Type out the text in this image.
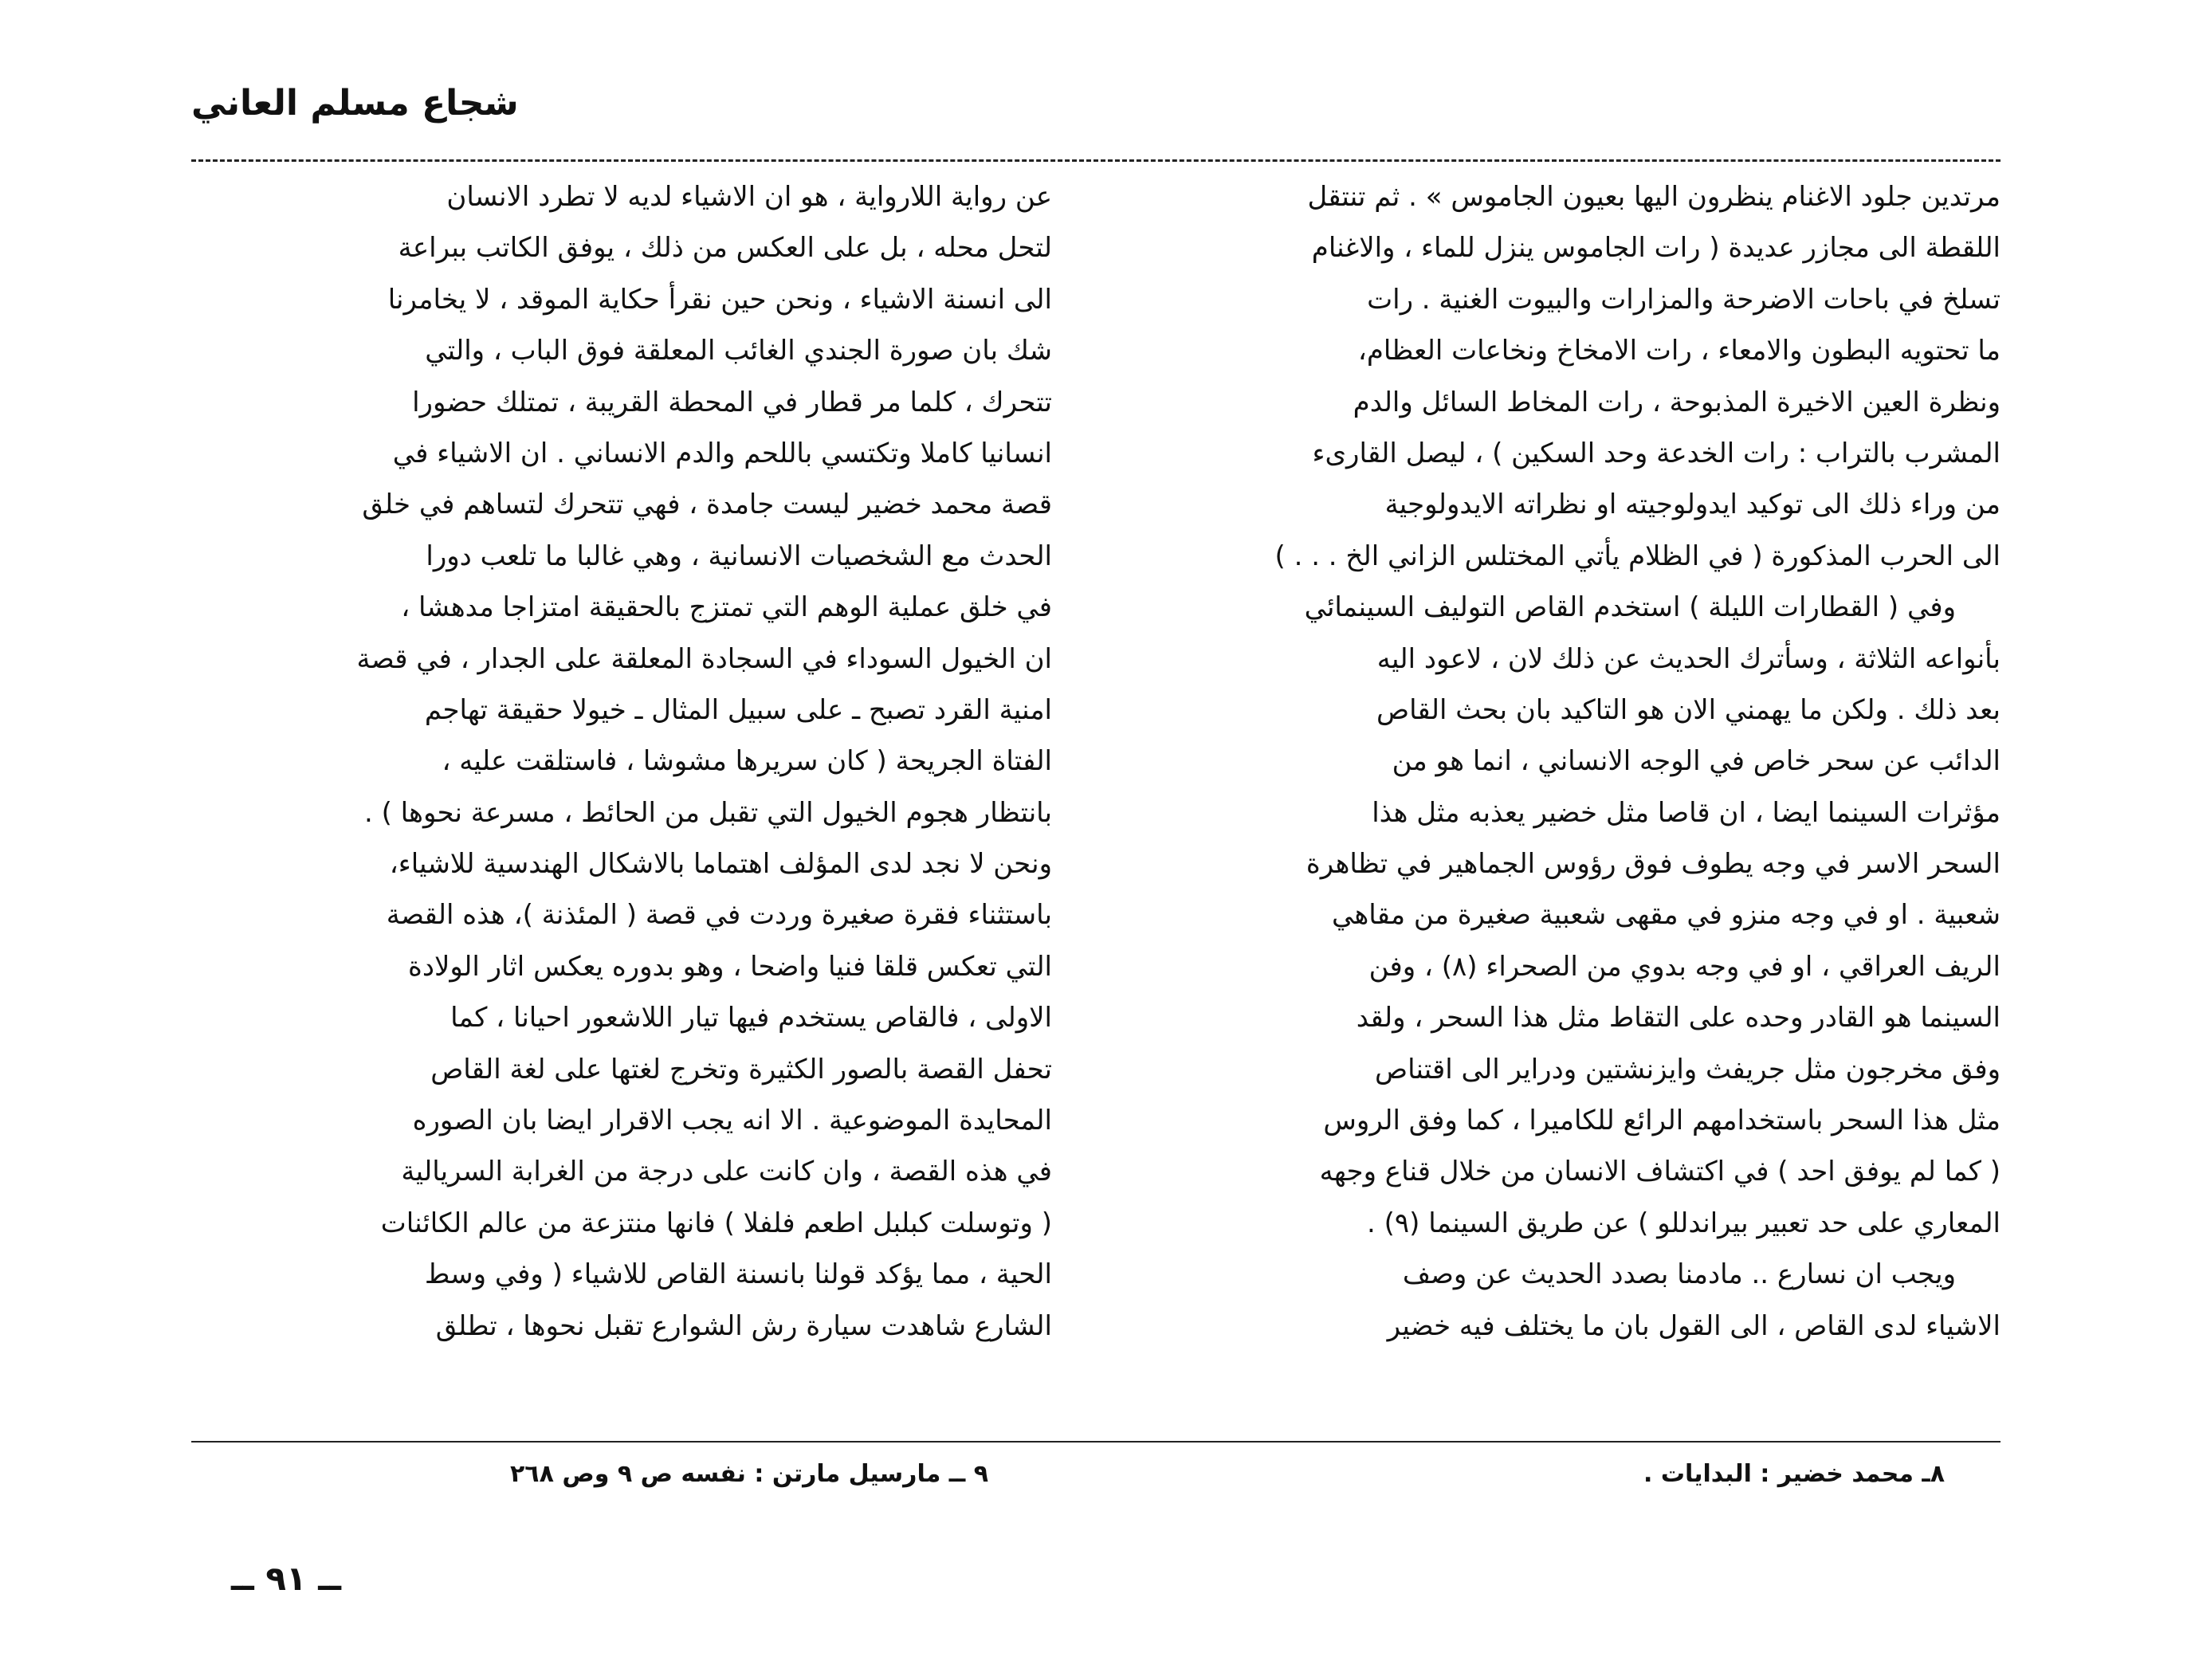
شجاع مسلم العاني
مرتدين جلود الاغنام ينظرون اليها بعيون الجاموس » . ثم تنتقل
اللقطة الى مجازر عديدة ( رات الجاموس ينزل للماء ، والاغنام
تسلخ في باحات الاضرحة والمزارات والبيوت الغنية . رات
ما تحتويه البطون والامعاء ، رات الامخاخ ونخاعات العظام،
ونظرة العين الاخيرة المذبوحة ، رات المخاط السائل والدم
المشرب بالتراب : رات الخدعة وحد السكين ) ، ليصل القارىء
من وراء ذلك الى توكيد ايدولوجيته او نظراته الايدولوجية
الى الحرب المذكورة ( في الظلام يأتي المختلس الزاني الخ . . . )
وفي ( القطارات الليلة ) استخدم القاص التوليف السينمائي
بأنواعه الثلاثة ، وسأترك الحديث عن ذلك لان ، لاعود اليه
بعد ذلك . ولكن ما يهمني الان هو التاكيد بان بحث القاص
الدائب عن سحر خاص في الوجه الانساني ، انما هو من
مؤثرات السينما ايضا ، ان قاصا مثل خضير يعذبه مثل هذا
السحر الاسر في وجه يطوف فوق رؤوس الجماهير في تظاهرة
شعبية . او في وجه منزو في مقهى شعبية صغيرة من مقاهي
الريف العراقي ، او في وجه بدوي من الصحراء (٨) ، وفن
السينما هو القادر وحده على التقاط مثل هذا السحر ، ولقد
وفق مخرجون مثل جريفث وايزنشتين ودراير الى اقتناص
مثل هذا السحر باستخدامهم الرائع للكاميرا ، كما وفق الروس
( كما لم يوفق احد ) في اكتشاف الانسان من خلال قناع وجهه
المعاري على حد تعبير بيراندللو ) عن طريق السينما (٩) .
ويجب ان نسارع .. مادمنا بصدد الحديث عن وصف
الاشياء لدى القاص ، الى القول بان ما يختلف فيه خضير
عن رواية اللارواية ، هو ان الاشياء لديه لا تطرد الانسان
لتحل محله ، بل على العكس من ذلك ، يوفق الكاتب ببراعة
الى انسنة الاشياء ، ونحن حين نقرأ حكاية الموقد ، لا يخامرنا
شك بان صورة الجندي الغائب المعلقة فوق الباب ، والتي
تتحرك ، كلما مر قطار في المحطة القريبة ، تمتلك حضورا
انسانيا كاملا وتكتسي باللحم والدم الانساني . ان الاشياء في
قصة محمد خضير ليست جامدة ، فهي تتحرك لتساهم في خلق
الحدث مع الشخصيات الانسانية ، وهي غالبا ما تلعب دورا
في خلق عملية الوهم التي تمتزج بالحقيقة امتزاجا مدهشا ،
ان الخيول السوداء في السجادة المعلقة على الجدار ، في قصة
امنية القرد تصبح ـ على سبيل المثال ـ خيولا حقيقة تهاجم
الفتاة الجريحة ( كان سريرها مشوشا ، فاستلقت عليه ،
بانتظار هجوم الخيول التي تقبل من الحائط ، مسرعة نحوها ) .
ونحن لا نجد لدى المؤلف اهتماما بالاشكال الهندسية للاشياء،
باستثناء فقرة صغيرة وردت في قصة ( المئذنة )، هذه القصة
التي تعكس قلقا فنيا واضحا ، وهو بدوره يعكس اثار الولادة
الاولى ، فالقاص يستخدم فيها تيار اللاشعور احيانا ، كما
تحفل القصة بالصور الكثيرة وتخرج لغتها على لغة القاص
المحايدة الموضوعية . الا انه يجب الاقرار ايضا بان الصوره
في هذه القصة ، وان كانت على درجة من الغرابة السريالية
( وتوسلت كبلبل اطعم فلفلا ) فانها منتزعة من عالم الكائنات
الحية ، مما يؤكد قولنا بانسنة القاص للاشياء ( وفي وسط
الشارع شاهدت سيارة رش الشوارع تقبل نحوها ، تطلق
٨ـ محمد خضير : البدايات .
٩ ــ مارسيل مارتن : نفسه ص ٩ وص ٢٦٨
ــ ٩١ ــ
